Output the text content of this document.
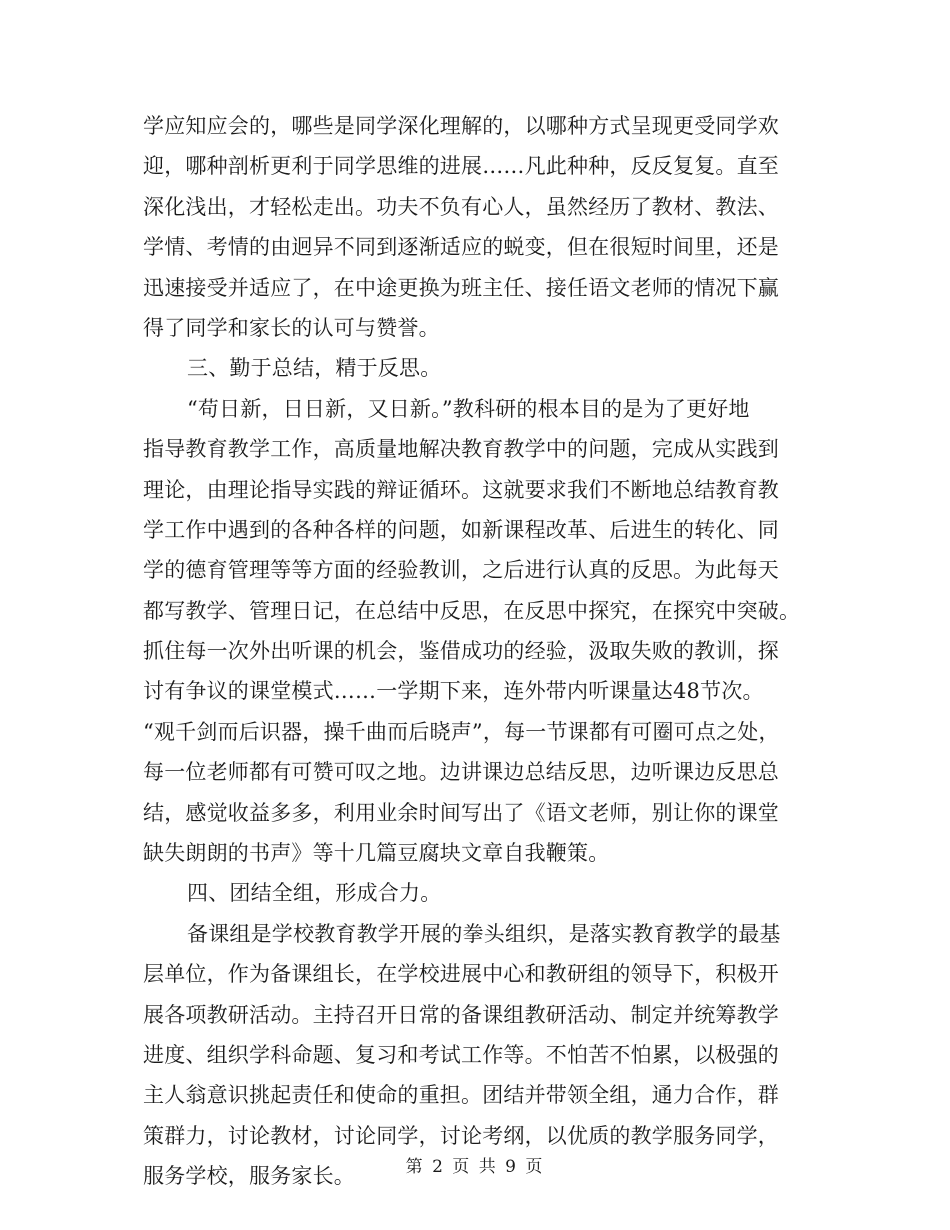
学应知应会的，哪些是同学深化理解的，以哪种方式呈现更受同学欢
迎，哪种剖析更利于同学思维的进展……凡此种种，反反复复。直至
深化浅出，才轻松走出。功夫不负有心人，虽然经历了教材、教法、
学情、考情的由迥异不同到逐渐适应的蜕变，但在很短时间里，还是
迅速接受并适应了，在中途更换为班主任、接任语文老师的情况下赢
得了同学和家长的认可与赞誉。
三、勤于总结，精于反思。
“苟日新，日日新，又日新。”教科研的根本目的是为了更好地
指导教育教学工作，高质量地解决教育教学中的问题，完成从实践到
理论，由理论指导实践的辩证循环。这就要求我们不断地总结教育教
学工作中遇到的各种各样的问题，如新课程改革、后进生的转化、同
学的德育管理等等方面的经验教训，之后进行认真的反思。为此每天
都写教学、管理日记，在总结中反思，在反思中探究，在探究中突破。
抓住每一次外出听课的机会，鉴借成功的经验，汲取失败的教训，探
讨有争议的课堂模式……一学期下来，连外带内听课量达48节次。
“观千剑而后识器，操千曲而后晓声”，每一节课都有可圈可点之处，
每一位老师都有可赞可叹之地。边讲课边总结反思，边听课边反思总
结，感觉收益多多，利用业余时间写出了《语文老师，别让你的课堂
缺失朗朗的书声》等十几篇豆腐块文章自我鞭策。
四、团结全组，形成合力。
备课组是学校教育教学开展的拳头组织，是落实教育教学的最基
层单位，作为备课组长，在学校进展中心和教研组的领导下，积极开
展各项教研活动。主持召开日常的备课组教研活动、制定并统筹教学
进度、组织学科命题、复习和考试工作等。不怕苦不怕累，以极强的
主人翁意识挑起责任和使命的重担。团结并带领全组，通力合作，群
策群力，讨论教材，讨论同学，讨论考纲，以优质的教学服务同学，
服务学校，服务家长。	第 2 页 共 9 页
